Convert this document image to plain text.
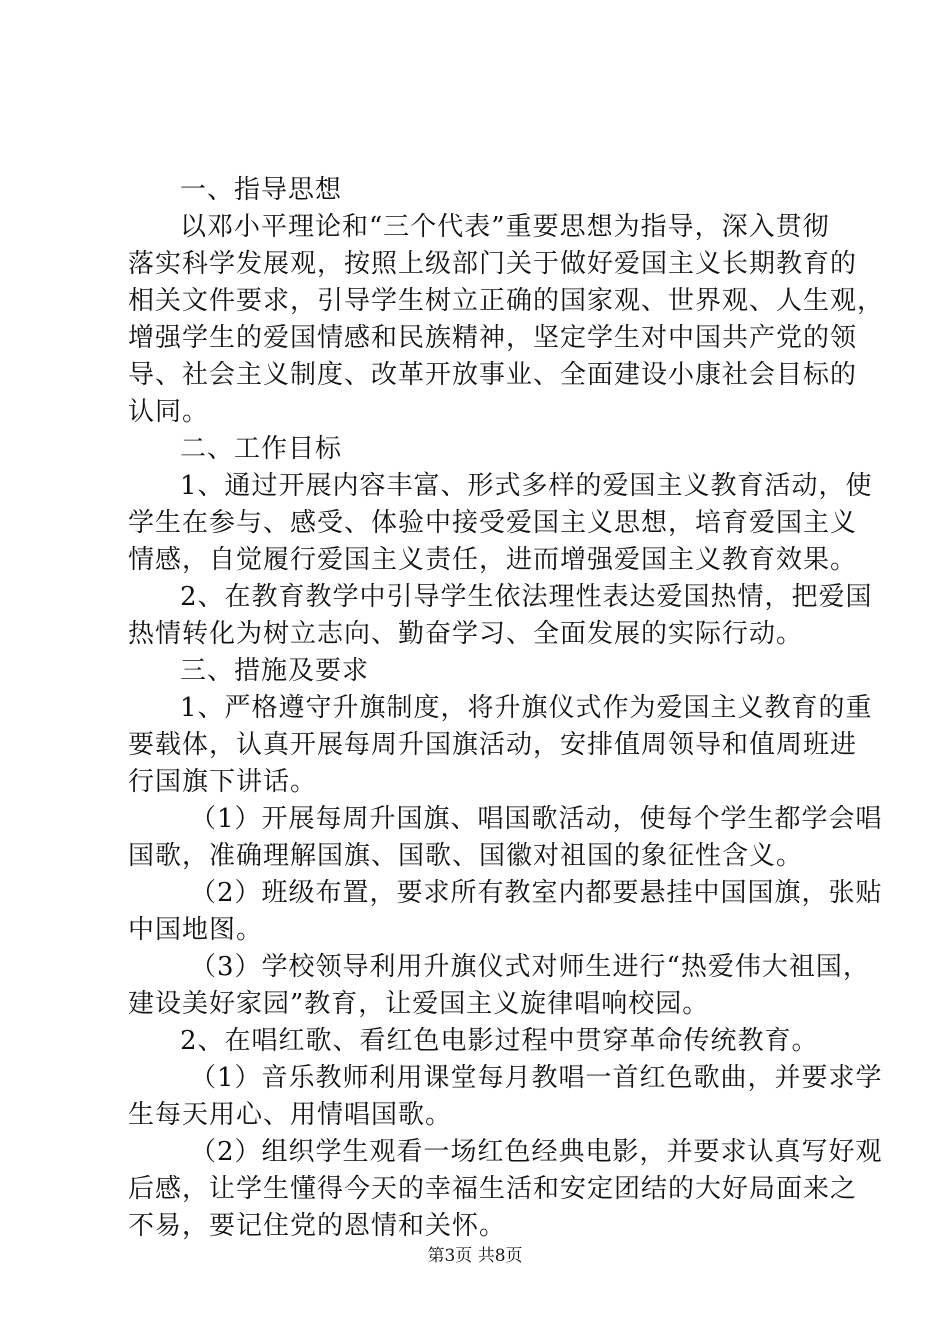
一、指导思想
以邓小平理论和“三个代表”重要思想为指导，深入贯彻
落实科学发展观，按照上级部门关于做好爱国主义长期教育的
相关文件要求，引导学生树立正确的国家观、世界观、人生观，
增强学生的爱国情感和民族精神，坚定学生对中国共产党的领
导、社会主义制度、改革开放事业、全面建设小康社会目标的
认同。
二、工作目标
1、通过开展内容丰富、形式多样的爱国主义教育活动，使
学生在参与、感受、体验中接受爱国主义思想，培育爱国主义
情感，自觉履行爱国主义责任，进而增强爱国主义教育效果。
2、在教育教学中引导学生依法理性表达爱国热情，把爱国
热情转化为树立志向、勤奋学习、全面发展的实际行动。
三、措施及要求
1、严格遵守升旗制度，将升旗仪式作为爱国主义教育的重
要载体，认真开展每周升国旗活动，安排值周领导和值周班进
行国旗下讲话。
（1）开展每周升国旗、唱国歌活动，使每个学生都学会唱
国歌，准确理解国旗、国歌、国徽对祖国的象征性含义。
（2）班级布置，要求所有教室内都要悬挂中国国旗，张贴
中国地图。
（3）学校领导利用升旗仪式对师生进行“热爱伟大祖国，
建设美好家园”教育，让爱国主义旋律唱响校园。
2、在唱红歌、看红色电影过程中贯穿革命传统教育。
（1）音乐教师利用课堂每月教唱一首红色歌曲，并要求学
生每天用心、用情唱国歌。
（2）组织学生观看一场红色经典电影，并要求认真写好观
后感，让学生懂得今天的幸福生活和安定团结的大好局面来之
不易，要记住党的恩情和关怀。
第3页 共8页
